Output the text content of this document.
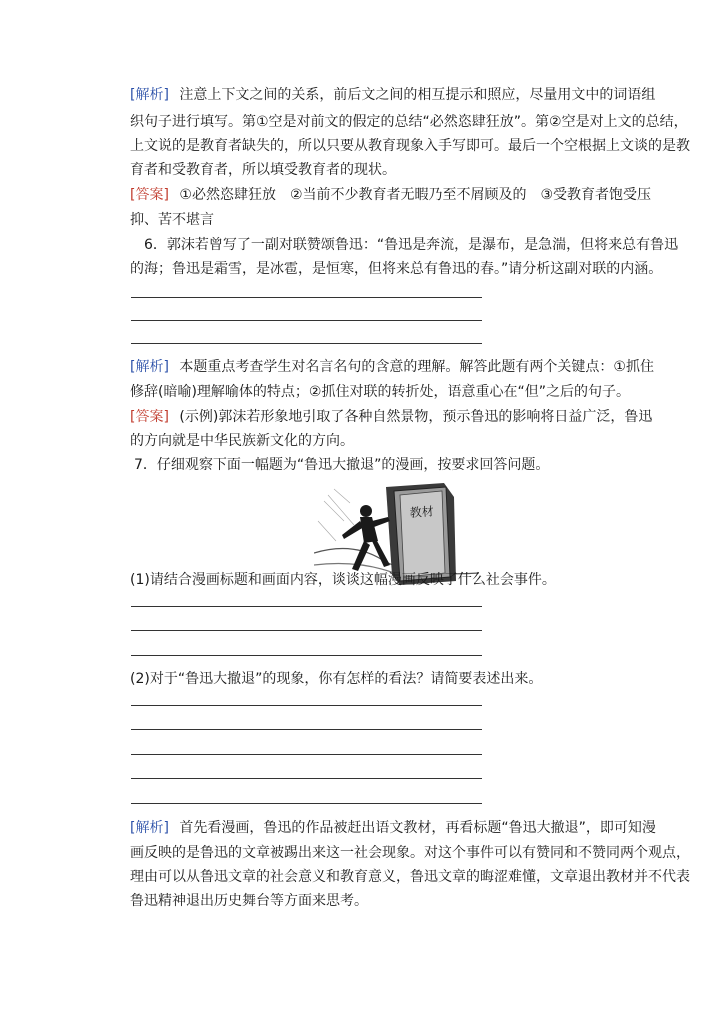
[解析] 注意上下文之间的关系，前后文之间的相互提示和照应，尽量用文中的词语组
织句子进行填写。第①空是对前文的假定的总结“必然恣肆狂放”。第②空是对上文的总结，
上文说的是教育者缺失的，所以只要从教育现象入手写即可。最后一个空根据上文谈的是教
育者和受教育者，所以填受教育者的现状。
[答案] ①必然恣肆狂放　②当前不少教育者无暇乃至不屑顾及的　③受教育者饱受压
抑、苦不堪言
6．郭沫若曾写了一副对联赞颂鲁迅：“鲁迅是奔流，是瀑布，是急湍，但将来总有鲁迅
的海；鲁迅是霜雪，是冰雹，是恒寒，但将来总有鲁迅的春。”请分析这副对联的内涵。
[解析] 本题重点考查学生对名言名句的含意的理解。解答此题有两个关键点：①抓住
修辞(暗喻)理解喻体的特点；②抓住对联的转折处，语意重心在“但”之后的句子。
[答案] (示例)郭沫若形象地引取了各种自然景物，预示鲁迅的影响将日益广泛，鲁迅
的方向就是中华民族新文化的方向。
7．仔细观察下面一幅题为“鲁迅大撤退”的漫画，按要求回答问题。
教材
(1)请结合漫画标题和画面内容，谈谈这幅漫画反映了什么社会事件。
(2)对于“鲁迅大撤退”的现象，你有怎样的看法？请简要表述出来。
[解析] 首先看漫画，鲁迅的作品被赶出语文教材，再看标题“鲁迅大撤退”，即可知漫
画反映的是鲁迅的文章被踢出来这一社会现象。对这个事件可以有赞同和不赞同两个观点，
理由可以从鲁迅文章的社会意义和教育意义，鲁迅文章的晦涩难懂，文章退出教材并不代表
鲁迅精神退出历史舞台等方面来思考。
